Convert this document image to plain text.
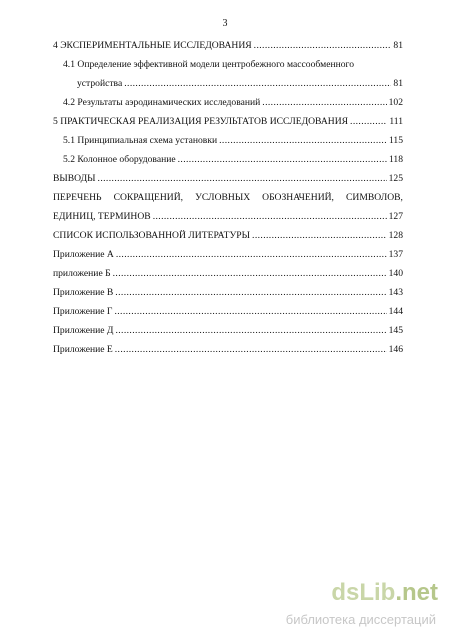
3
4 ЭКСПЕРИМЕНТАЛЬНЫЕ ИССЛЕДОВАНИЯ .....	81
4.1 Определение эффективной модели центробежного массообменного
устройства .....	81
4.2 Результаты аэродинамических исследований .....	102
5 ПРАКТИЧЕСКАЯ РЕАЛИЗАЦИЯ РЕЗУЛЬТАТОВ ИССЛЕДОВАНИЯ .....	111
5.1 Принципиальная схема установки .....	115
5.2 Колонное оборудование .....	118
ВЫВОДЫ .....	125
ПЕРЕЧЕНЬ СОКРАЩЕНИЙ, УСЛОВНЫХ ОБОЗНАЧЕНИЙ, СИМВОЛОВ,
ЕДИНИЦ, ТЕРМИНОВ .....	127
СПИСОК ИСПОЛЬЗОВАННОЙ ЛИТЕРАТУРЫ .....	128
Приложение А .....	137
приложение Б .....	140
Приложение В .....	143
Приложение Г .....	144
Приложение Д .....	145
Приложение Е .....	146
dsLib.net
библиотека диссертаций
